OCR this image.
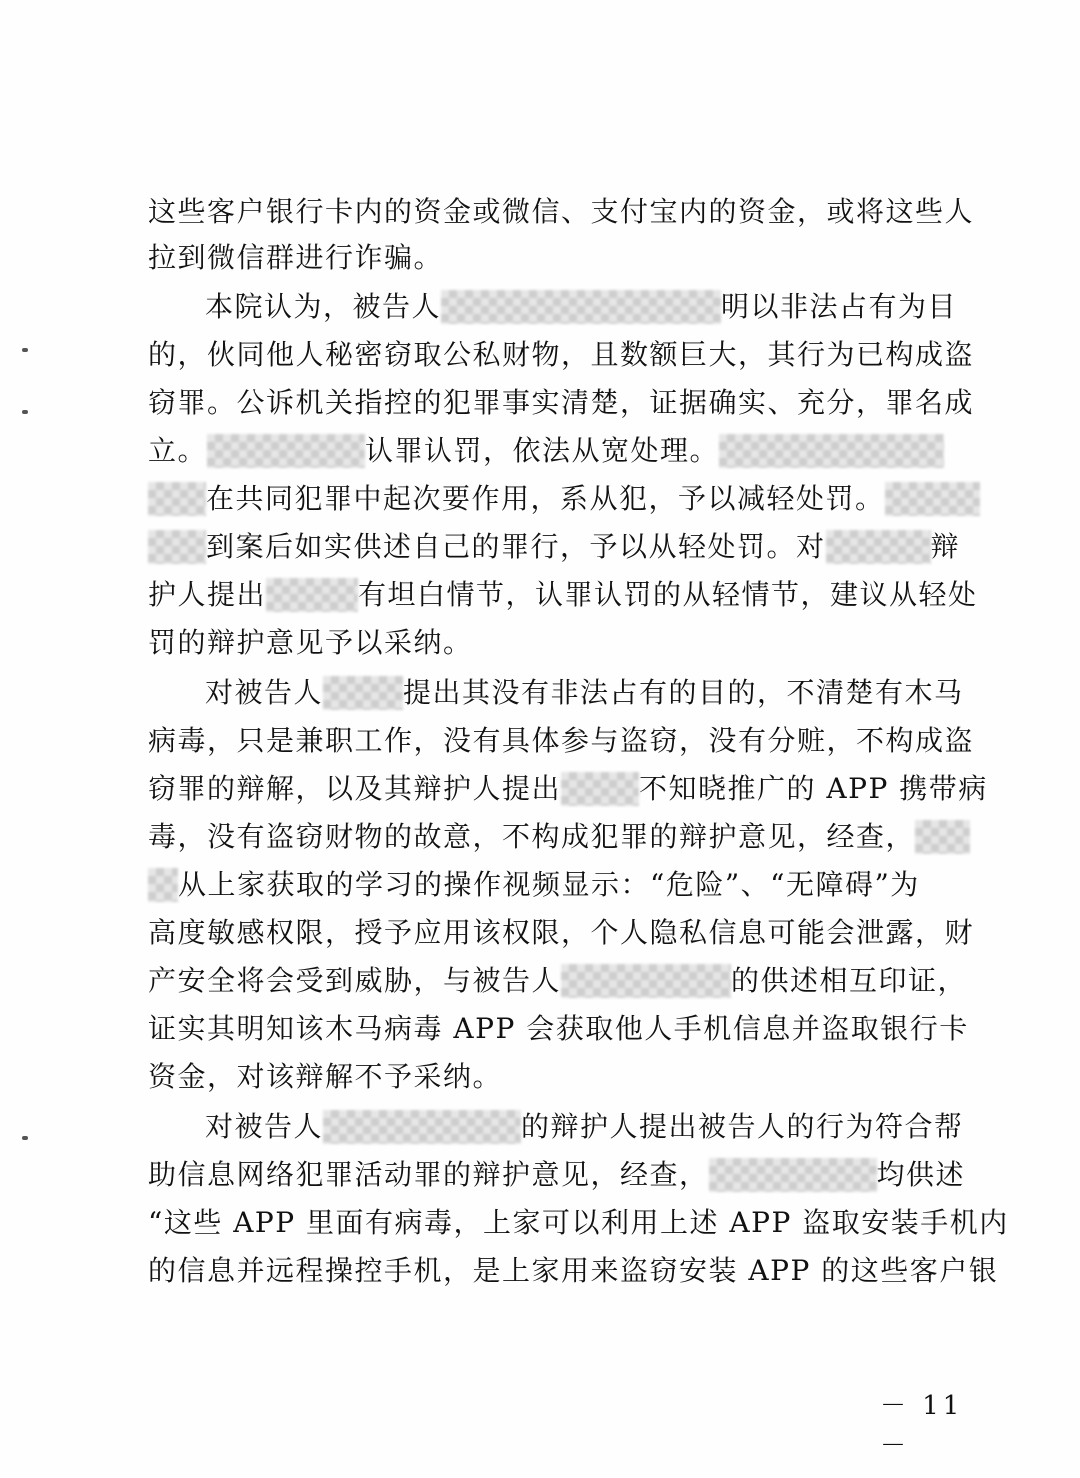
这些客户银行卡内的资金或微信、支付宝内的资金，或将这些人
拉到微信群进行诈骗。
本院认为，被告人	明以非法占有为目
的，伙同他人秘密窃取公私财物，且数额巨大，其行为已构成盗
窃罪。公诉机关指控的犯罪事实清楚，证据确实、充分，罪名成
立。	认罪认罚，依法从宽处理。
在共同犯罪中起次要作用，系从犯，予以减轻处罚。
到案后如实供述自己的罪行，予以从轻处罚。对	辩
护人提出	有坦白情节，认罪认罚的从轻情节，建议从轻处
罚的辩护意见予以采纳。
对被告人	提出其没有非法占有的目的，不清楚有木马
病毒，只是兼职工作，没有具体参与盗窃，没有分赃，不构成盗
窃罪的辩解，以及其辩护人提出	不知晓推广的 APP 携带病
毒，没有盗窃财物的故意，不构成犯罪的辩护意见，经查，
从上家获取的学习的操作视频显示：“危险”、“无障碍”为
高度敏感权限，授予应用该权限，个人隐私信息可能会泄露，财
产安全将会受到威胁，与被告人	的供述相互印证，
证实其明知该木马病毒 APP 会获取他人手机信息并盗取银行卡
资金，对该辩解不予采纳。
对被告人	的辩护人提出被告人的行为符合帮
助信息网络犯罪活动罪的辩护意见，经查，	均供述
“这些 APP 里面有病毒，上家可以利用上述 APP 盗取安装手机内
的信息并远程操控手机，是上家用来盗窃安装 APP 的这些客户银
－ 11 －
